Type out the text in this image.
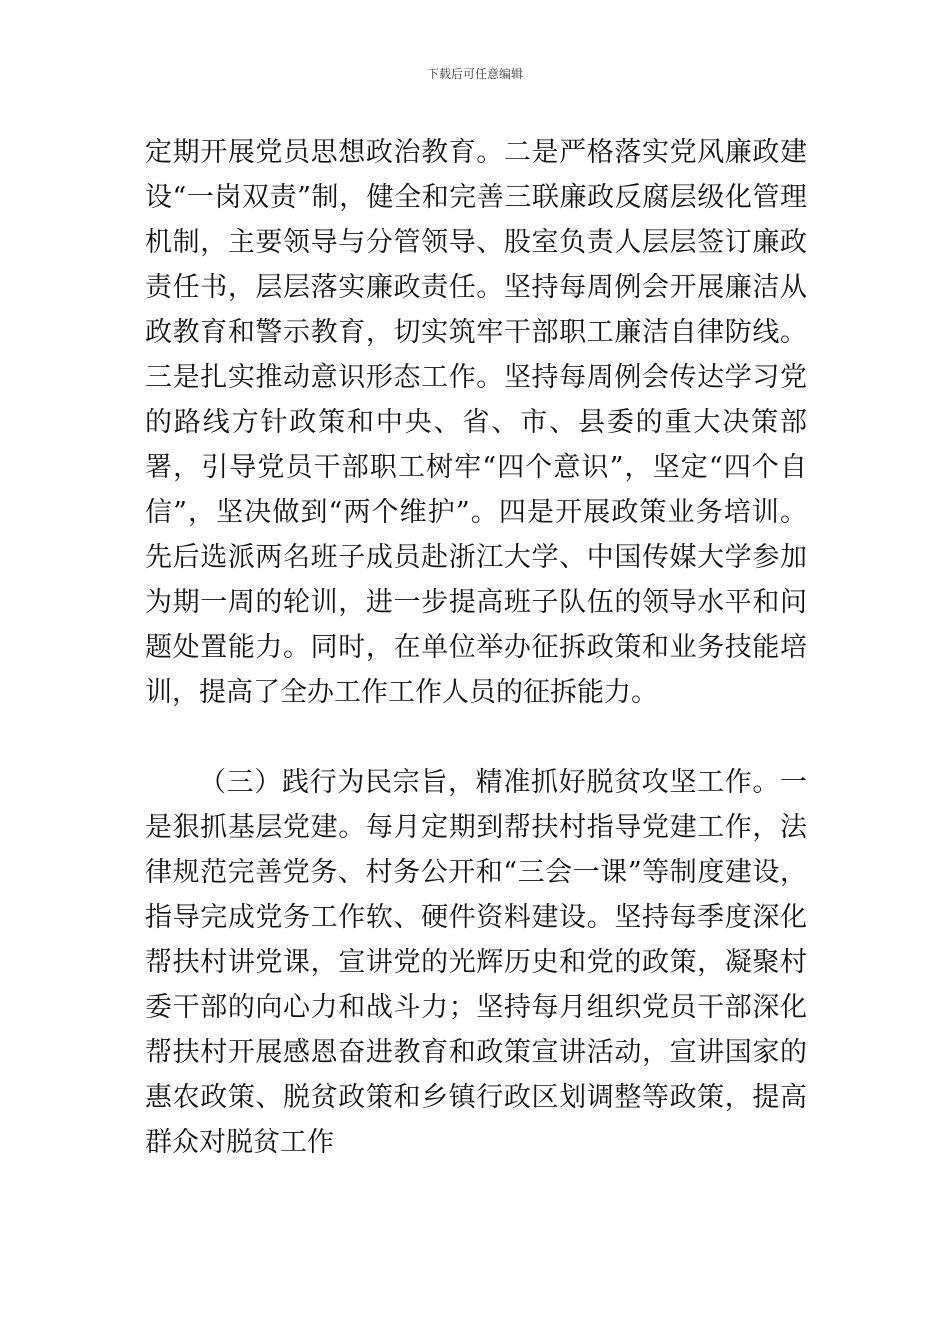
下载后可任意编辑

定期开展党员思想政治教育。二是严格落实党风廉政建设“一岗双责”制，健全和完善三联廉政反腐层级化管理机制，主要领导与分管领导、股室负责人层层签订廉政责任书，层层落实廉政责任。坚持每周例会开展廉洁从政教育和警示教育，切实筑牢干部职工廉洁自律防线。三是扎实推动意识形态工作。坚持每周例会传达学习党的路线方针政策和中央、省、市、县委的重大决策部署，引导党员干部职工树牢“四个意识”，坚定“四个自信”，坚决做到“两个维护”。四是开展政策业务培训。先后选派两名班子成员赴浙江大学、中国传媒大学参加为期一周的轮训，进一步提高班子队伍的领导水平和问题处置能力。同时，在单位举办征拆政策和业务技能培训，提高了全办工作工作人员的征拆能力。

（三）践行为民宗旨，精准抓好脱贫攻坚工作。一是狠抓基层党建。每月定期到帮扶村指导党建工作，法律规范完善党务、村务公开和“三会一课”等制度建设，指导完成党务工作软、硬件资料建设。坚持每季度深化帮扶村讲党课，宣讲党的光辉历史和党的政策，凝聚村委干部的向心力和战斗力；坚持每月组织党员干部深化帮扶村开展感恩奋进教育和政策宣讲活动，宣讲国家的惠农政策、脱贫政策和乡镇行政区划调整等政策，提高群众对脱贫工作
